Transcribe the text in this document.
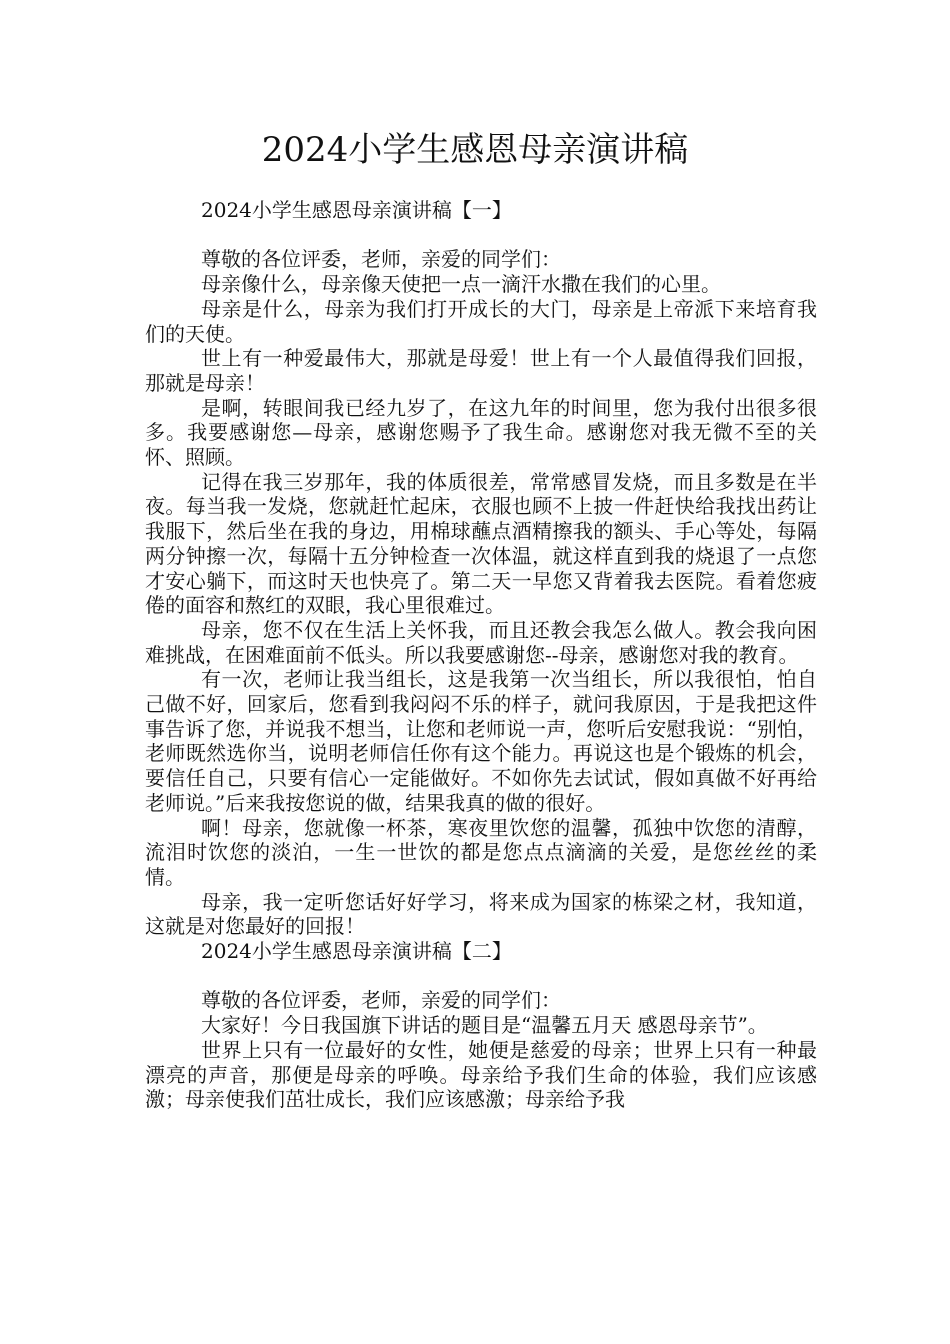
2024小学生感恩母亲演讲稿

2024小学生感恩母亲演讲稿【一】

尊敬的各位评委，老师，亲爱的同学们：

母亲像什么，母亲像天使把一点一滴汗水撒在我们的心里。

母亲是什么，母亲为我们打开成长的大门，母亲是上帝派下来培育我们的天使。

世上有一种爱最伟大，那就是母爱！世上有一个人最值得我们回报，那就是母亲！

是啊，转眼间我已经九岁了，在这九年的时间里，您为我付出很多很多。我要感谢您—母亲，感谢您赐予了我生命。感谢您对我无微不至的关怀、照顾。

记得在我三岁那年，我的体质很差，常常感冒发烧，而且多数是在半夜。每当我一发烧，您就赶忙起床，衣服也顾不上披一件赶快给我找出药让我服下，然后坐在我的身边，用棉球蘸点酒精擦我的额头、手心等处，每隔两分钟擦一次，每隔十五分钟检查一次体温，就这样直到我的烧退了一点您才安心躺下，而这时天也快亮了。第二天一早您又背着我去医院。看着您疲倦的面容和熬红的双眼，我心里很难过。

母亲，您不仅在生活上关怀我，而且还教会我怎么做人。教会我向困难挑战，在困难面前不低头。所以我要感谢您--母亲，感谢您对我的教育。

有一次，老师让我当组长，这是我第一次当组长，所以我很怕，怕自己做不好，回家后，您看到我闷闷不乐的样子，就问我原因，于是我把这件事告诉了您，并说我不想当，让您和老师说一声，您听后安慰我说：“别怕，老师既然选你当，说明老师信任你有这个能力。再说这也是个锻炼的机会，要信任自己，只要有信心一定能做好。不如你先去试试，假如真做不好再给老师说。”后来我按您说的做，结果我真的做的很好。

啊！母亲，您就像一杯茶，寒夜里饮您的温馨，孤独中饮您的清醇，流泪时饮您的淡泊，一生一世饮的都是您点点滴滴的关爱，是您丝丝的柔情。

母亲，我一定听您话好好学习，将来成为国家的栋梁之材，我知道，这就是对您最好的回报！

2024小学生感恩母亲演讲稿【二】

尊敬的各位评委，老师，亲爱的同学们：

大家好！今日我国旗下讲话的题目是“温馨五月天 感恩母亲节”。

世界上只有一位最好的女性，她便是慈爱的母亲；世界上只有一种最漂亮的声音，那便是母亲的呼唤。母亲给予我们生命的体验，我们应该感激；母亲使我们茁壮成长，我们应该感激；母亲给予我
